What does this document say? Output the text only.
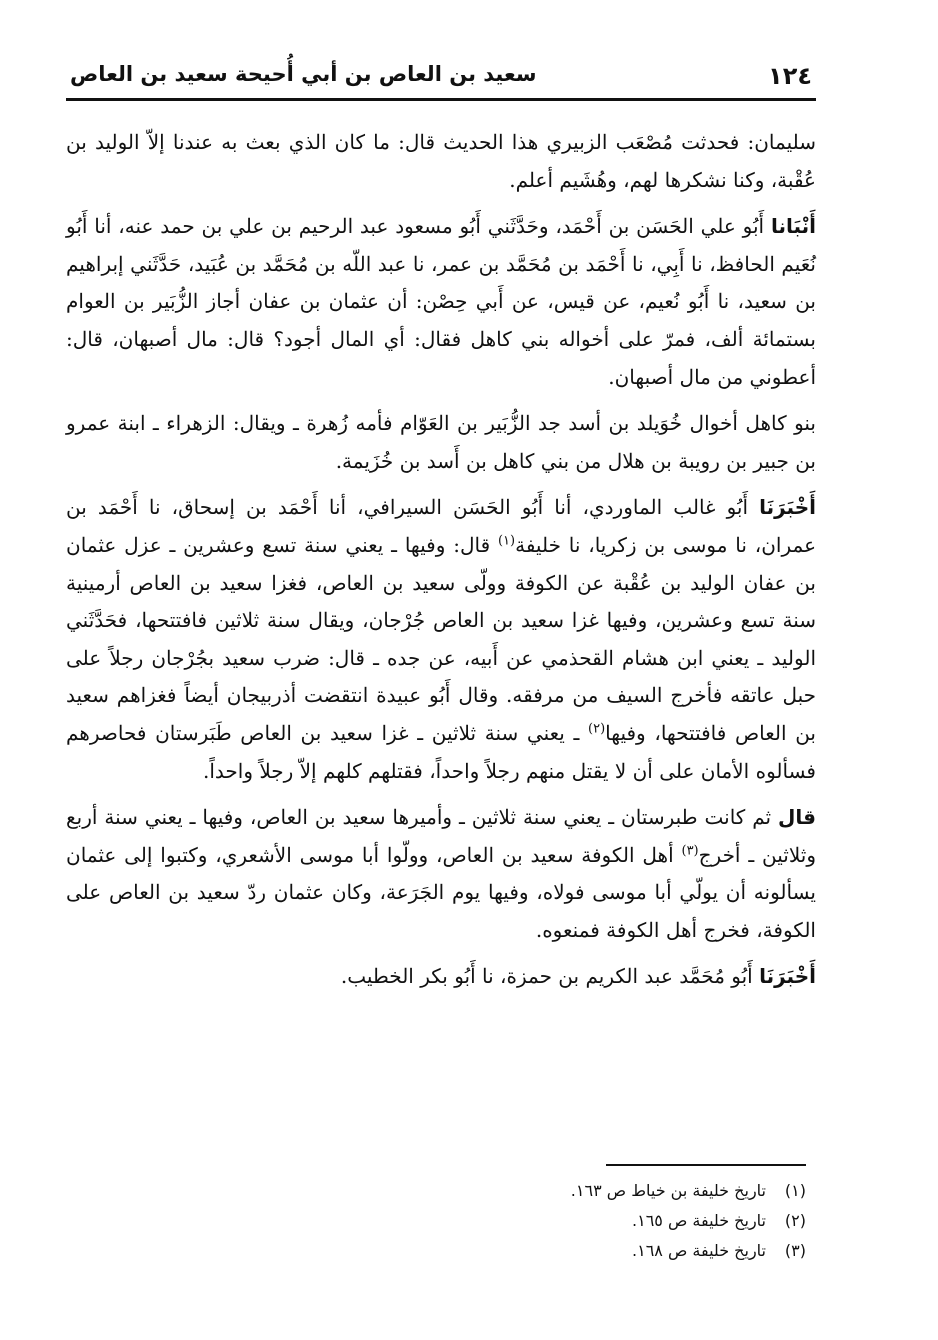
١٢٤
سعيد بن العاص بن أبي أُحيحة سعيد بن العاص

سليمان: فحدثت مُصْعَب الزبيري هذا الحديث قال: ما كان الذي بعث به عندنا إلاّ الوليد بن عُقْبة، وكنا نشكرها لهم، وهُشَيم أعلم.

أَنْبَانا أَبُو علي الحَسَن بن أَحْمَد، وحَدَّثَني أَبُو مسعود عبد الرحيم بن علي بن حمد عنه، أنا أَبُو نُعَيم الحافظ، نا أَبِي، نا أَحْمَد بن مُحَمَّد بن عمر، نا عبد اللّه بن مُحَمَّد بن عُبَيد، حَدَّثَني إبراهيم بن سعيد، نا أَبُو نُعيم، عن قيس، عن أَبي حِصْن: أن عثمان بن عفان أجاز الزُّبَير بن العوام بستمائة ألف، فمرّ على أخواله بني كاهل فقال: أي المال أجود؟ قال: مال أصبهان، قال: أعطوني من مال أصبهان.

بنو كاهل أخوال خُوَيلد بن أسد جد الزُّبَير بن العَوّام فأمه زُهرة ـ ويقال: الزهراء ـ ابنة عمرو بن جبير بن رويبة بن هلال من بني كاهل بن أَسد بن خُزَيمة.

أَخْبَرَنَا أَبُو غالب الماوردي، أنا أَبُو الحَسَن السيرافي، أنا أَحْمَد بن إسحاق، نا أَحْمَد بن عمران، نا موسى بن زكريا، نا خليفة$^{(١)}$ قال: وفيها ـ يعني سنة تسع وعشرين ـ عزل عثمان بن عفان الوليد بن عُقْبة عن الكوفة وولّى سعيد بن العاص، فغزا سعيد بن العاص أرمينية سنة تسع وعشرين، وفيها غزا سعيد بن العاص جُرْجان، ويقال سنة ثلاثين فافتتحها، فحَدَّثَني الوليد ـ يعني ابن هشام القحذمي عن أَبيه، عن جده ـ قال: ضرب سعيد بجُرْجان رجلاً على حبل عاتقه فأخرج السيف من مرفقه. وقال أَبُو عبيدة انتقضت أذربيجان أيضاً فغزاهم سعيد بن العاص فافتتحها، وفيها$^{(٢)}$ ـ يعني سنة ثلاثين ـ غزا سعيد بن العاص طَبَرستان فحاصرهم فسألوه الأمان على أن لا يقتل منهم رجلاً واحداً، فقتلهم كلهم إلاّ رجلاً واحداً.

قال ثم كانت طبرستان ـ يعني سنة ثلاثين ـ وأميرها سعيد بن العاص، وفيها ـ يعني سنة أربع وثلاثين ـ أخرج$^{(٣)}$ أهل الكوفة سعيد بن العاص، وولّوا أبا موسى الأشعري، وكتبوا إلى عثمان يسألونه أن يولّي أبا موسى فولاه، وفيها يوم الجَرَعة، وكان عثمان ردّ سعيد بن العاص على الكوفة، فخرج أهل الكوفة فمنعوه.

أَخْبَرَنَا أَبُو مُحَمَّد عبد الكريم بن حمزة، نا أَبُو بكر الخطيب.

(١)تاريخ خليفة بن خياط ص ١٦٣.
(٢)تاريخ خليفة ص ١٦٥.
(٣)تاريخ خليفة ص ١٦٨.
